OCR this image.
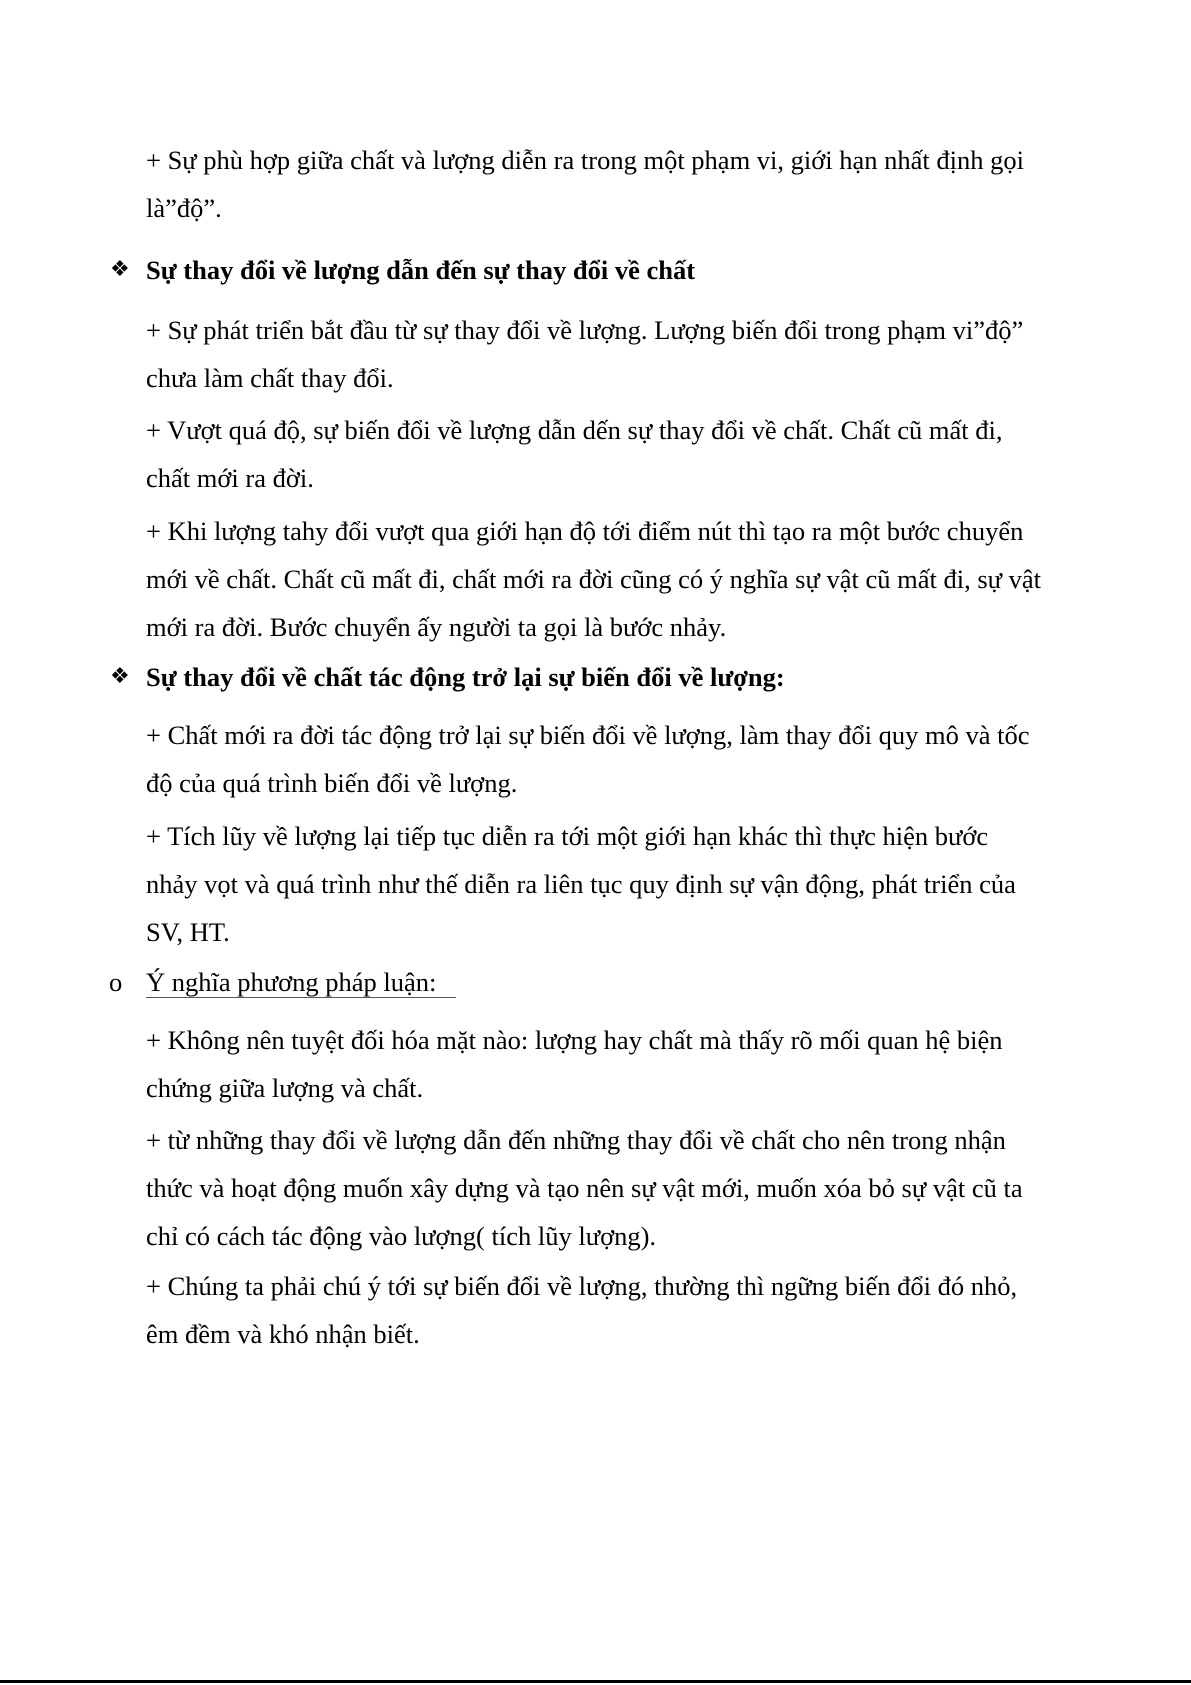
+ Sự phù hợp giữa chất và lượng diễn ra trong một phạm vi, giới hạn nhất định gọi là”độ”.

❖ Sự thay đổi về lượng dẫn đến sự thay đổi về chất

+ Sự phát triển bắt đầu từ sự thay đổi về lượng. Lượng biến đổi trong phạm vi”độ” chưa làm chất thay đổi.

+ Vượt quá độ, sự biến đổi về lượng dẫn dến sự thay đổi về chất. Chất cũ mất đi, chất mới ra đời.

+ Khi lượng tahy đổi vượt qua giới hạn độ tới điểm nút thì tạo ra một bước chuyển mới về chất. Chất cũ mất đi, chất mới ra đời cũng có ý nghĩa sự vật cũ mất đi, sự vật mới ra đời. Bước chuyển ấy người ta gọi là bước nhảy.

❖ Sự thay đổi về chất tác động trở lại sự biến đổi về lượng:

+ Chất mới ra đời tác động trở lại sự biến đổi về lượng, làm thay đổi quy mô và tốc độ của quá trình biến đổi về lượng.

+ Tích lũy về lượng lại tiếp tục diễn ra tới một giới hạn khác thì thực hiện bước nhảy vọt và quá trình như thế diễn ra liên tục quy định sự vận động, phát triển của SV, HT.

o Ý nghĩa phương pháp luận:

+ Không nên tuyệt đối hóa mặt nào: lượng hay chất mà thấy rõ mối quan hệ biện chứng giữa lượng và chất.

+ từ những thay đổi về lượng dẫn đến những thay đổi về chất cho nên trong nhận thức và hoạt động muốn xây dựng và tạo nên sự vật mới, muốn xóa bỏ sự vật cũ ta chỉ có cách tác động vào lượng( tích lũy lượng).

+ Chúng ta phải chú ý tới sự biến đổi về lượng, thường thì ngững biến đổi đó nhỏ, êm đềm và khó nhận biết.
